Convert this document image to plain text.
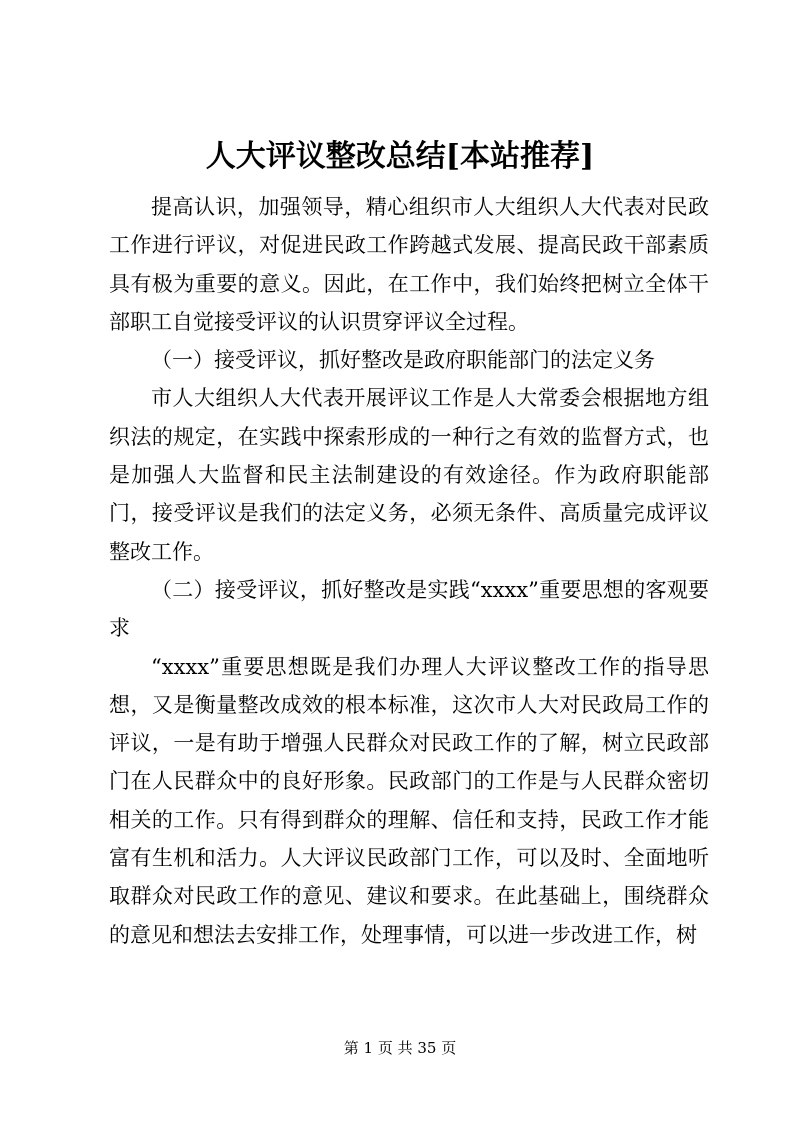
人大评议整改总结[本站推荐]

提高认识，加强领导，精心组织市人大组织人大代表对民政工作进行评议，对促进民政工作跨越式发展、提高民政干部素质具有极为重要的意义。因此，在工作中，我们始终把树立全体干部职工自觉接受评议的认识贯穿评议全过程。

（一）接受评议，抓好整改是政府职能部门的法定义务

市人大组织人大代表开展评议工作是人大常委会根据地方组织法的规定，在实践中探索形成的一种行之有效的监督方式，也是加强人大监督和民主法制建设的有效途径。作为政府职能部门，接受评议是我们的法定义务，必须无条件、高质量完成评议整改工作。

（二）接受评议，抓好整改是实践“xxxx”重要思想的客观要求

“xxxx”重要思想既是我们办理人大评议整改工作的指导思想，又是衡量整改成效的根本标准，这次市人大对民政局工作的评议，一是有助于增强人民群众对民政工作的了解，树立民政部门在人民群众中的良好形象。民政部门的工作是与人民群众密切相关的工作。只有得到群众的理解、信任和支持，民政工作才能富有生机和活力。人大评议民政部门工作，可以及时、全面地听取群众对民政工作的意见、建议和要求。在此基础上，围绕群众的意见和想法去安排工作，处理事情，可以进一步改进工作，树

第 1 页 共 35 页
